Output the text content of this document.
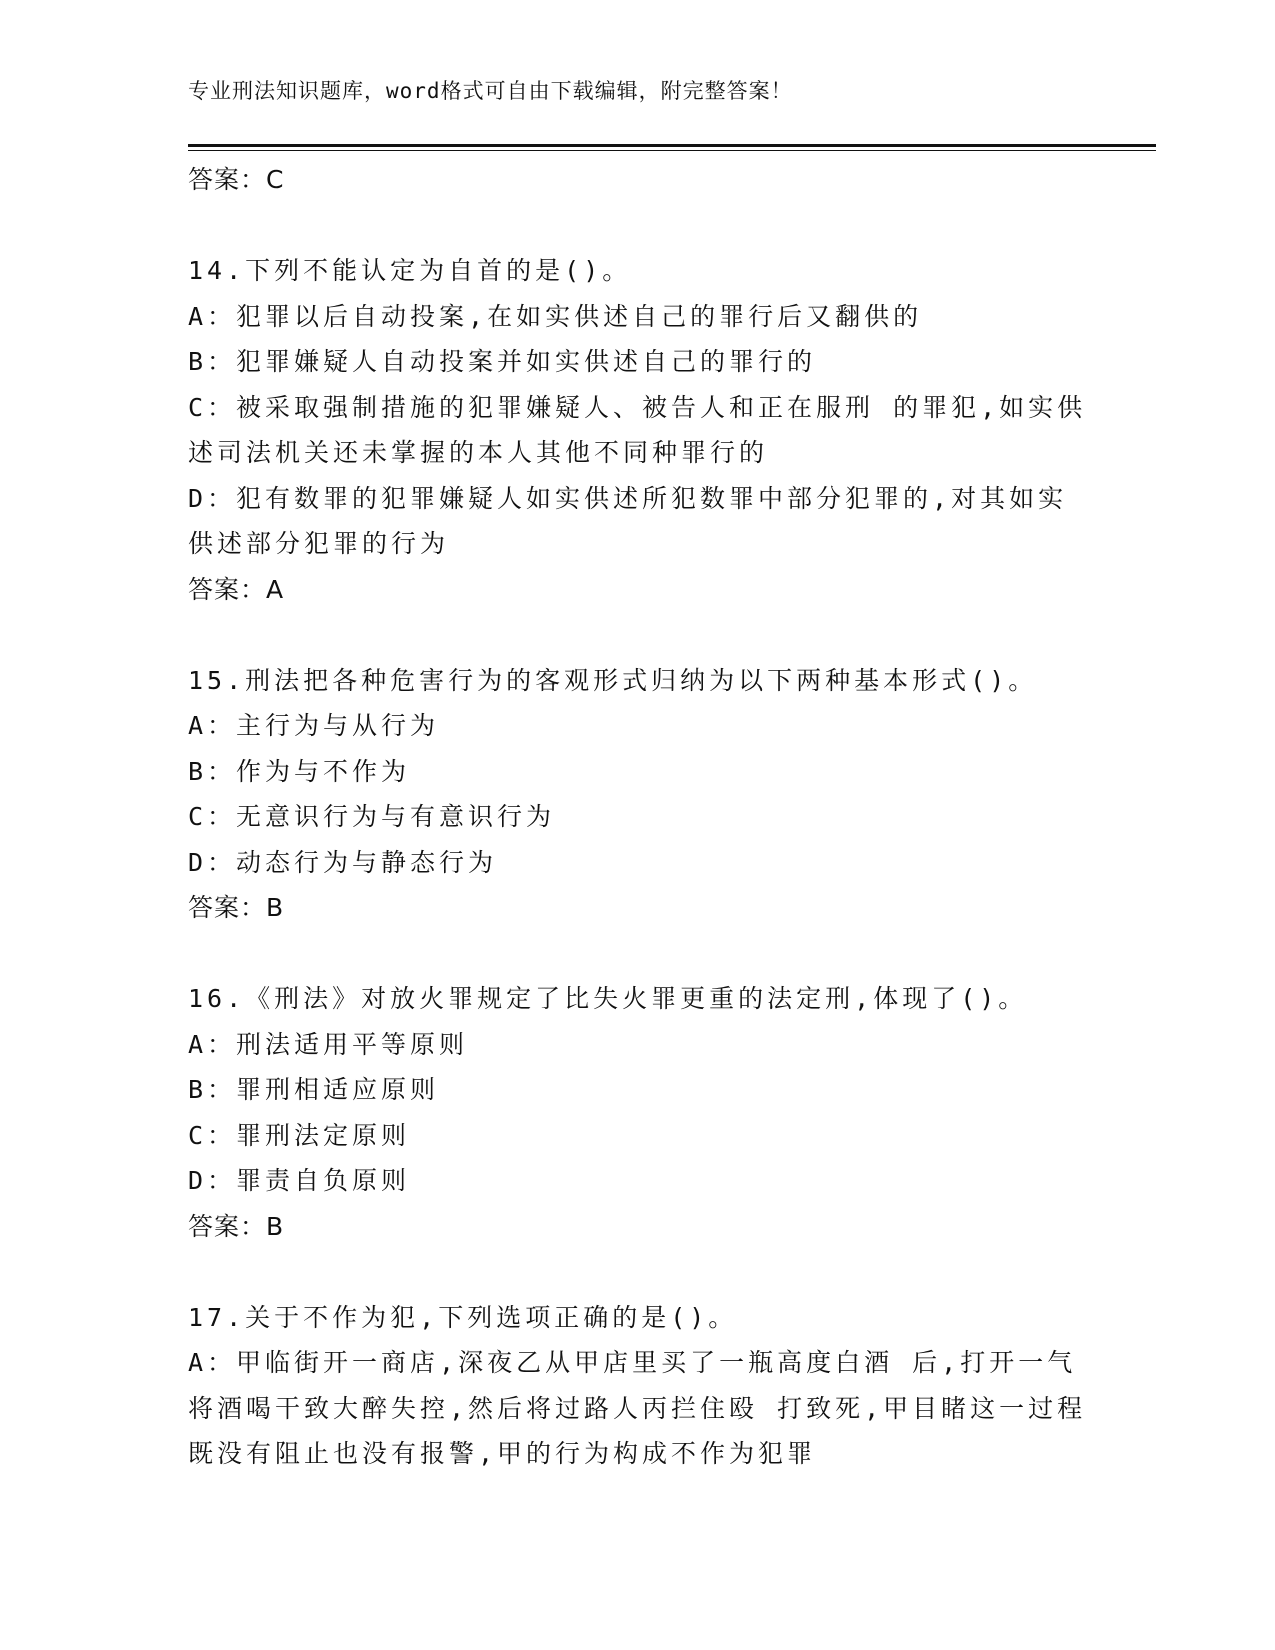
专业刑法知识题库，word格式可自由下载编辑，附完整答案！
答案：C
14.下列不能认定为自首的是()。
A：犯罪以后自动投案,在如实供述自己的罪行后又翻供的
B：犯罪嫌疑人自动投案并如实供述自己的罪行的
C：被采取强制措施的犯罪嫌疑人、被告人和正在服刑 的罪犯,如实供
述司法机关还未掌握的本人其他不同种罪行的
D：犯有数罪的犯罪嫌疑人如实供述所犯数罪中部分犯罪的,对其如实
供述部分犯罪的行为
答案：A
15.刑法把各种危害行为的客观形式归纳为以下两种基本形式()。
A：主行为与从行为
B：作为与不作为
C：无意识行为与有意识行为
D：动态行为与静态行为
答案：B
16.《刑法》对放火罪规定了比失火罪更重的法定刑,体现了()。
A：刑法适用平等原则
B：罪刑相适应原则
C：罪刑法定原则
D：罪责自负原则
答案：B
17.关于不作为犯,下列选项正确的是()。
A：甲临街开一商店,深夜乙从甲店里买了一瓶高度白酒 后,打开一气
将酒喝干致大醉失控,然后将过路人丙拦住殴 打致死,甲目睹这一过程
既没有阻止也没有报警,甲的行为构成不作为犯罪
